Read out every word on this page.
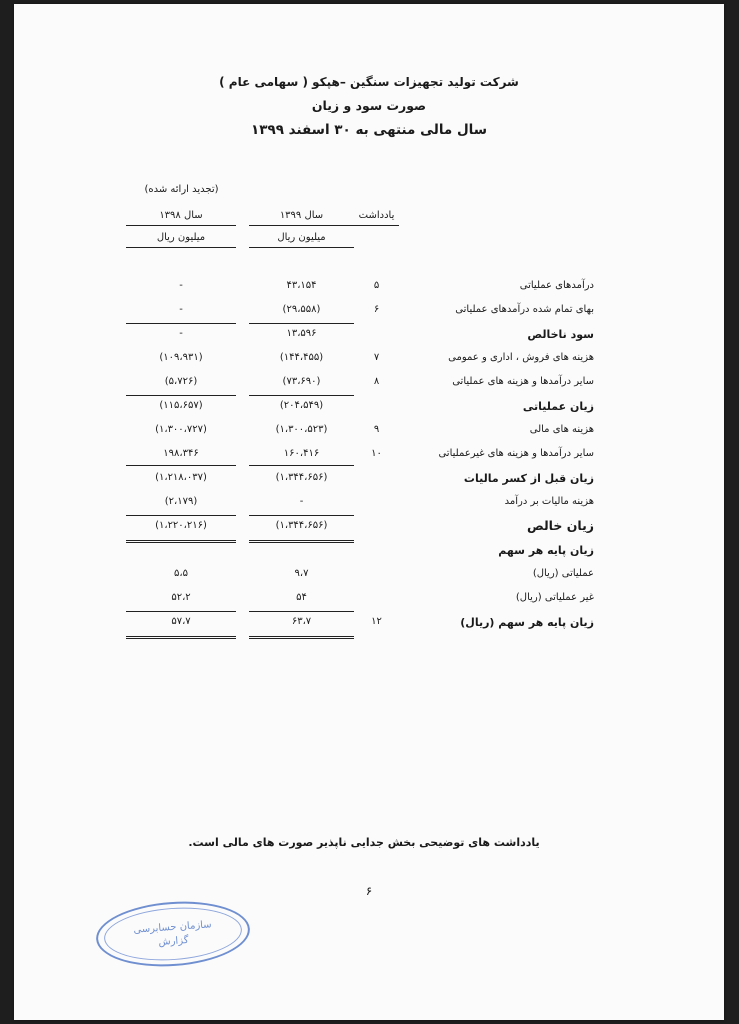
شرکت تولید تجهیزات سنگین –هپکو ( سهامی عام )
صورت سود و زیان
سال مالی منتهی به ۳۰ اسفند ۱۳۹۹
(تجدید ارائه شده)
سال ۱۳۹۸
میلیون ریال
سال ۱۳۹۹
میلیون ریال
یادداشت
درآمدهای عملیاتی
۵
۴۳،۱۵۴
-
بهای تمام شده درآمدهای عملیاتی
۶
(۲۹،۵۵۸)
-
سود ناخالص
۱۳،۵۹۶
-
هزینه های فروش ، اداری و عمومی
۷
(۱۴۴،۴۵۵)
(۱۰۹،۹۳۱)
سایر درآمدها و هزینه های عملیاتی
۸
(۷۳،۶۹۰)
(۵،۷۲۶)
زیان عملیاتی
(۲۰۴،۵۴۹)
(۱۱۵،۶۵۷)
هزینه های مالی
۹
(۱،۳۰۰،۵۲۳)
(۱،۳۰۰،۷۲۷)
سایر درآمدها و هزینه های غیرعملیاتی
۱۰
۱۶۰،۴۱۶
۱۹۸،۳۴۶
زیان قبل از کسر مالیات
(۱،۳۴۴،۶۵۶)
(۱،۲۱۸،۰۳۷)
هزینه مالیات بر درآمد
-
(۲،۱۷۹)
زیان خالص
(۱،۳۴۴،۶۵۶)
(۱،۲۲۰،۲۱۶)
زیان پایه هر سهم
عملیاتی (ریال)
۹،۷
۵،۵
غیر عملیاتی (ریال)
۵۴
۵۲،۲
زیان پایه هر سهم (ریال)
۱۲
۶۳،۷
۵۷،۷
یادداشت های توضیحی بخش جدایی ناپذیر صورت های مالی است.
۶
سازمان حسابرسی
گزارش
